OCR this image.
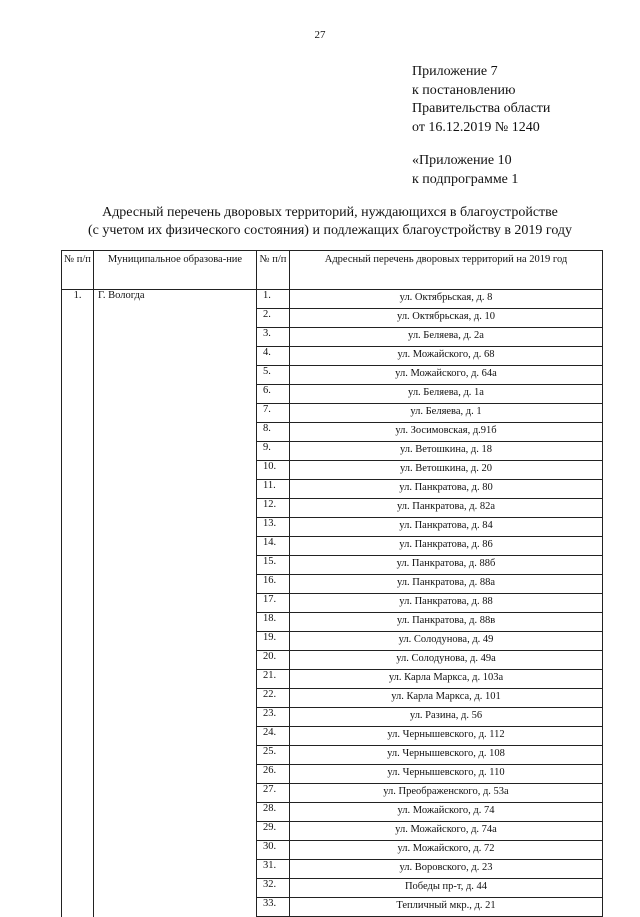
27
Приложение 7
к постановлению
Правительства области
от 16.12.2019 № 1240
«Приложение 10
к подпрограмме 1
Адресный перечень дворовых территорий, нуждающихся в благоустройстве
(с учетом их физического состояния) и подлежащих благоустройству в 2019 году
№ п/п	Муниципальное образова-ние	№ п/п	Адресный перечень дворовых территорий на 2019 год
1.	Г. Вологда	1.	ул. Октябрьская, д. 8
		2.	ул. Октябрьская, д. 10
		3.	ул. Беляева, д. 2а
		4.	ул. Можайского, д. 68
		5.	ул. Можайского, д. 64а
		6.	ул. Беляева, д. 1а
		7.	ул. Беляева, д. 1
		8.	ул. Зосимовская, д.91б
		9.	ул. Ветошкина, д. 18
		10.	ул. Ветошкина, д. 20
		11.	ул. Панкратова, д. 80
		12.	ул. Панкратова, д. 82а
		13.	ул. Панкратова, д. 84
		14.	ул. Панкратова, д. 86
		15.	ул. Панкратова, д. 88б
		16.	ул. Панкратова, д. 88а
		17.	ул. Панкратова, д. 88
		18.	ул. Панкратова, д. 88в
		19.	ул. Солодунова, д. 49
		20.	ул. Солодунова, д. 49а
		21.	ул. Карла Маркса, д. 103а
		22.	ул. Карла Маркса, д. 101
		23.	ул. Разина, д. 56
		24.	ул. Чернышевского, д. 112
		25.	ул. Чернышевского, д. 108
		26.	ул. Чернышевского, д. 110
		27.	ул. Преображенского, д. 53а
		28.	ул. Можайского, д. 74
		29.	ул. Можайского, д. 74а
		30.	ул. Можайского, д. 72
		31.	ул. Воровского, д. 23
		32.	Победы пр-т, д. 44
		33.	Тепличный мкр., д. 21
